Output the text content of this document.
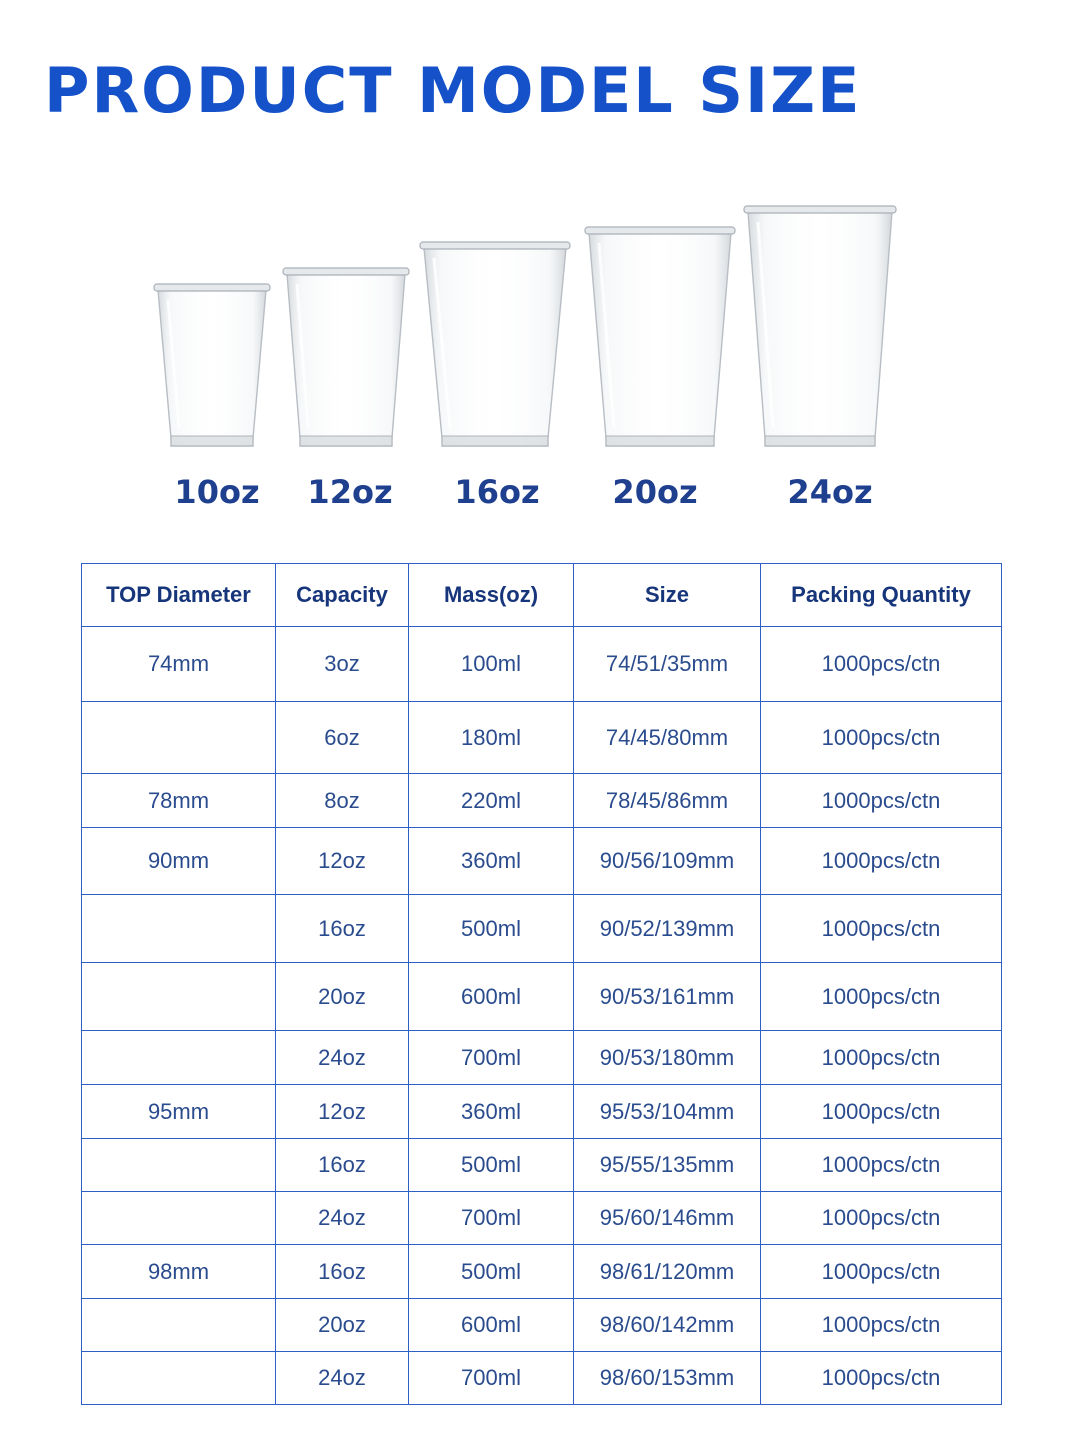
PRODUCT MODEL SIZE
10oz 12oz 16oz 20oz	24oz
TOP Diameter	Capacity	Mass(oz)	Size	Packing Quantity
74mm	3oz	100ml	74/51/35mm	1000pcs/ctn
	6oz	180ml	74/45/80mm	1000pcs/ctn
78mm	8oz	220ml	78/45/86mm	1000pcs/ctn
90mm	12oz	360ml	90/56/109mm	1000pcs/ctn
	16oz	500ml	90/52/139mm	1000pcs/ctn
	20oz	600ml	90/53/161mm	1000pcs/ctn
	24oz	700ml	90/53/180mm	1000pcs/ctn
95mm	12oz	360ml	95/53/104mm	1000pcs/ctn
	16oz	500ml	95/55/135mm	1000pcs/ctn
	24oz	700ml	95/60/146mm	1000pcs/ctn
98mm	16oz	500ml	98/61/120mm	1000pcs/ctn
	20oz	600ml	98/60/142mm	1000pcs/ctn
	24oz	700ml	98/60/153mm	1000pcs/ctn
